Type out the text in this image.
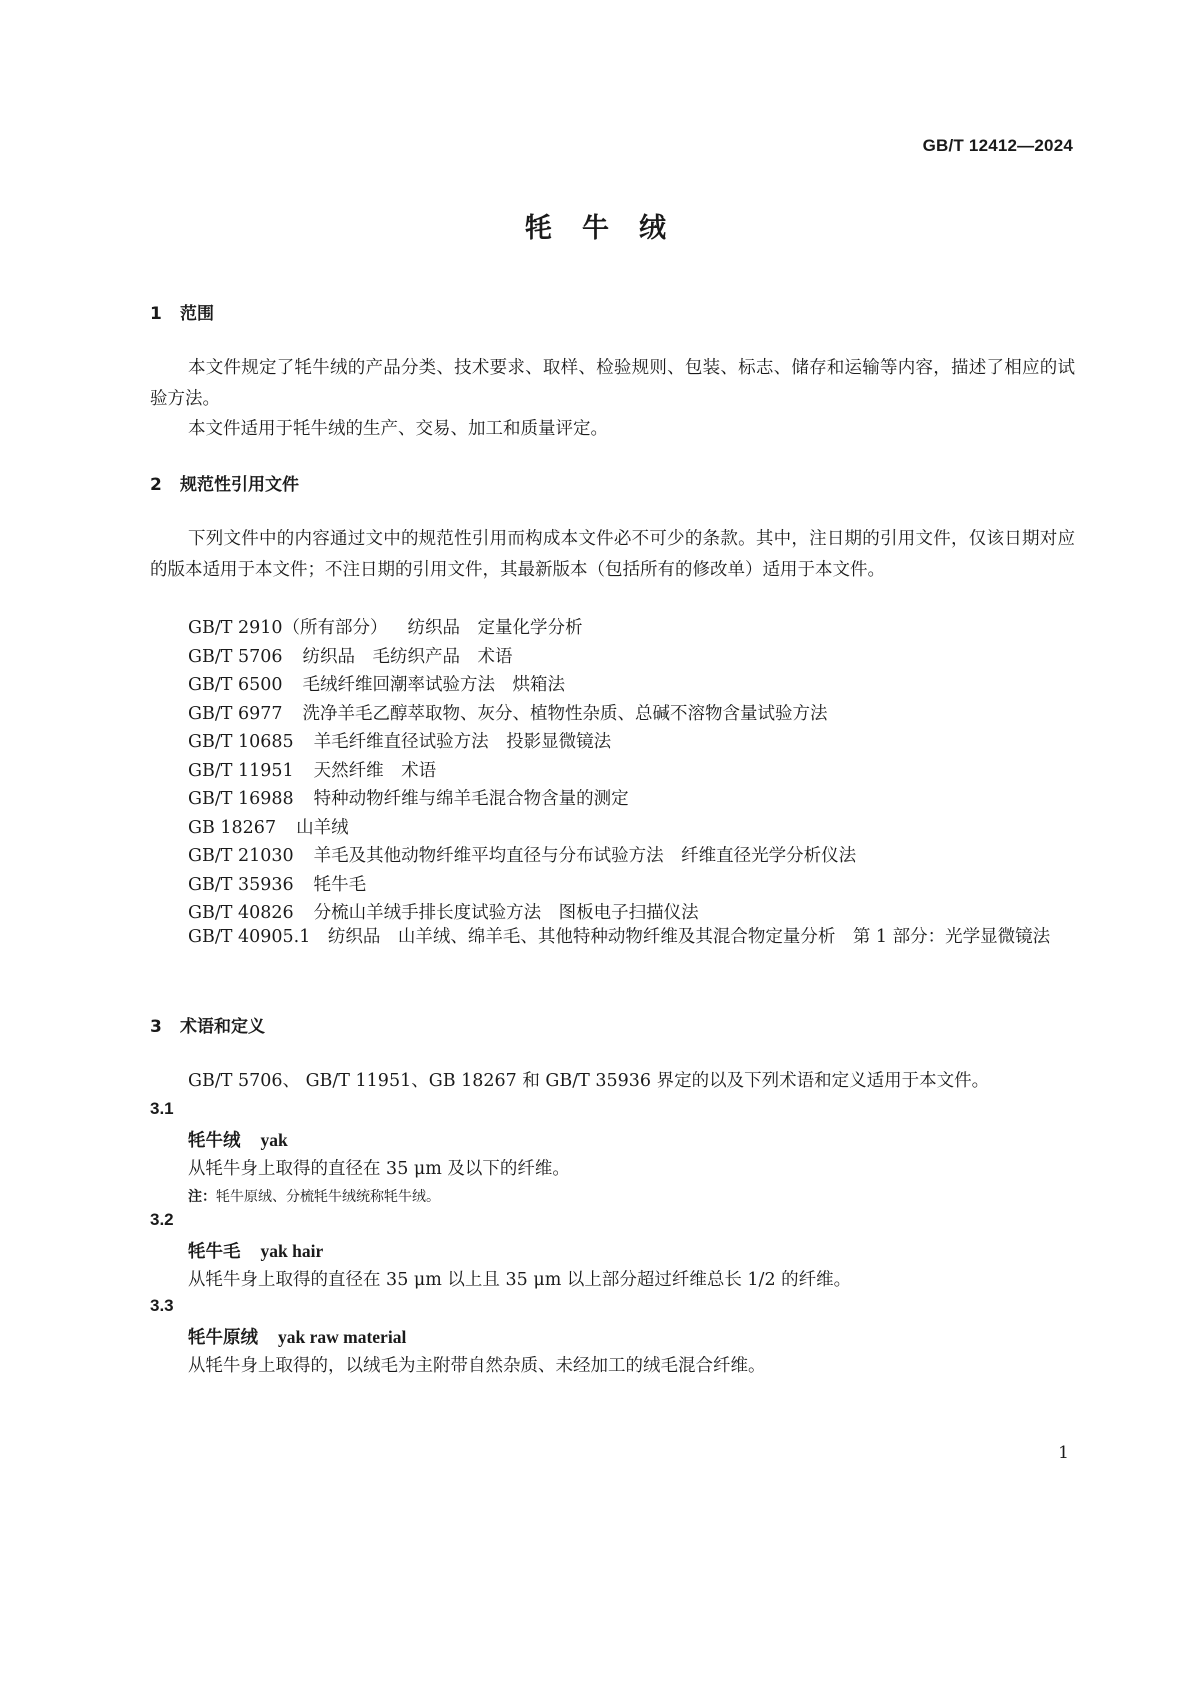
GB/T 12412—2024
牦牛绒
1 范围
本文件规定了牦牛绒的产品分类、技术要求、取样、检验规则、包装、标志、储存和运输等内容，描述了相应的试验方法。
本文件适用于牦牛绒的生产、交易、加工和质量评定。
2 规范性引用文件
下列文件中的内容通过文中的规范性引用而构成本文件必不可少的条款。其中，注日期的引用文件，仅该日期对应的版本适用于本文件；不注日期的引用文件，其最新版本（包括所有的修改单）适用于本文件。
GB/T 2910（所有部分） 纺织品　定量化学分析
GB/T 5706 纺织品　毛纺织产品　术语
GB/T 6500 毛绒纤维回潮率试验方法　烘箱法
GB/T 6977 洗净羊毛乙醇萃取物、灰分、植物性杂质、总碱不溶物含量试验方法
GB/T 10685 羊毛纤维直径试验方法　投影显微镜法
GB/T 11951 天然纤维　术语
GB/T 16988 特种动物纤维与绵羊毛混合物含量的测定
GB 18267 山羊绒
GB/T 21030 羊毛及其他动物纤维平均直径与分布试验方法　纤维直径光学分析仪法
GB/T 35936 牦牛毛
GB/T 40826 分梳山羊绒手排长度试验方法　图板电子扫描仪法
GB/T 40905.1　纺织品　山羊绒、绵羊毛、其他特种动物纤维及其混合物定量分析　第 1 部分：光学显微镜法
3 术语和定义
GB/T 5706、 GB/T 11951、GB 18267 和 GB/T 35936 界定的以及下列术语和定义适用于本文件。
3.1
牦牛绒 yak
从牦牛身上取得的直径在 35 μm 及以下的纤维。
注：牦牛原绒、分梳牦牛绒统称牦牛绒。
3.2
牦牛毛 yak hair
从牦牛身上取得的直径在 35 μm 以上且 35 μm 以上部分超过纤维总长 1/2 的纤维。
3.3
牦牛原绒 yak raw material
从牦牛身上取得的，以绒毛为主附带自然杂质、未经加工的绒毛混合纤维。
1
